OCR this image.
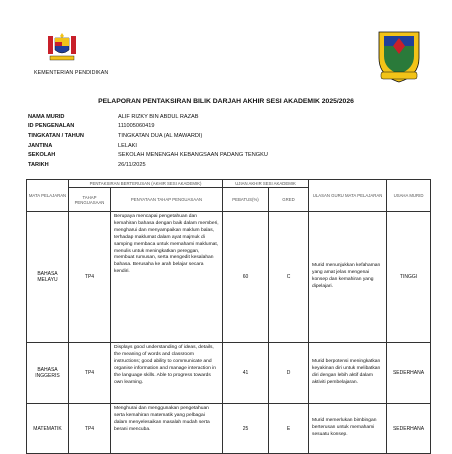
KEMENTERIAN PENDIDIKAN
PELAPORAN PENTAKSIRAN BILIK DARJAH AKHIR SESI AKADEMIK 2025/2026
NAMA MURID	ALIF RIZKY BIN ABDUL RAZAB
ID PENGENALAN	111005060419
TINGKATAN / TAHUN	TINGKATAN DUA (AL MAWARDI)
JANTINA	LELAKI
SEKOLAH	SEKOLAH MENENGAH KEBANGSAAN PADANG TENGKU
TARIKH	26/11/2025
MATA PELAJARAN	PENTAKSIRAN BERTERUSAN (AKHIR SESI AKADEMIK)		UJIAN AKHIR SESI AKADEMIK		ULASAN GURU MATA PELAJARAN	USAHA MURID
	TAHAP PENGUASAAN	PENYATAAN TAHAP PENGUASAAN	PEBATUS(%)	GRED		
BAHASA MELAYU	TP4	Berupaya mencapai pengetahuan dan kemahiran bahasa dengan baik dalam memberi, mengharui dan menyampaikan maklum balas, terhadap maklumat dalam ayat majmuk di samping membaca untuk memahami maklumat, menulis untuk meningkatkan pereggan, membuat rumusan, serta mengedit kesalahan bahasa. Berusaha ke arah belajar secara kendiri.	60	C	Murid menunjukkan kefahaman yang amat jelas mengenai konsep dan kemahiran yang dipelajari.	TINGGI
BAHASA INGGERIS	TP4	Displays good understanding of ideas, details, the meaning of words and classroom instructions; good ability to communicate and organise information and manage interaction in the language skills. Able to progress towards own learning.	41	D	Murid berpotensi meningkatkan keyakinan diri untuk melibatkan diri dengan lebih aktif dalam aktiviti pembelajaran.	SEDERHANA
MATEMATIK	TP4	Menghurai dan menggunakan pengetahuan serta kemahiran matematik yang pelbagai dalam menyelesaikan masalah mudah serta berani mencuba.	25	E	Murid memerlukan bimbingan berterusan untuk memahami sesuatu konsep.	SEDERHANA
